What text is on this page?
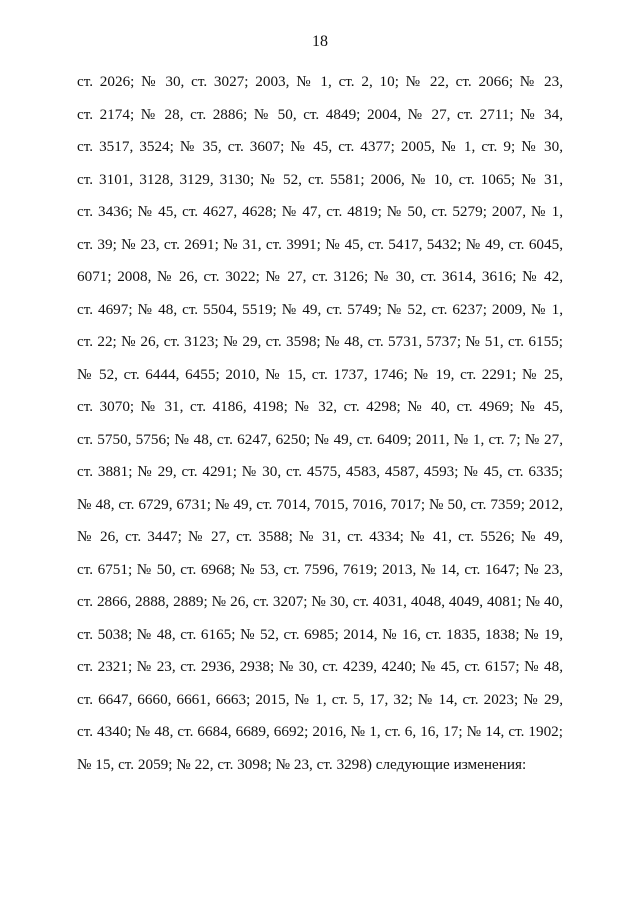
18
ст. 2026; № 30, ст. 3027; 2003, № 1, ст. 2, 10; № 22, ст. 2066; № 23,
ст. 2174; № 28, ст. 2886; № 50, ст. 4849; 2004, № 27, ст. 2711; № 34,
ст. 3517, 3524; № 35, ст. 3607; № 45, ст. 4377; 2005, № 1, ст. 9; № 30,
ст. 3101, 3128, 3129, 3130; № 52, ст. 5581; 2006, № 10, ст. 1065; № 31,
ст. 3436; № 45, ст. 4627, 4628; № 47, ст. 4819; № 50, ст. 5279; 2007, № 1,
ст. 39; № 23, ст. 2691; № 31, ст. 3991; № 45, ст. 5417, 5432; № 49, ст. 6045,
6071; 2008, № 26, ст. 3022; № 27, ст. 3126; № 30, ст. 3614, 3616; № 42,
ст. 4697; № 48, ст. 5504, 5519; № 49, ст. 5749; № 52, ст. 6237; 2009, № 1,
ст. 22; № 26, ст. 3123; № 29, ст. 3598; № 48, ст. 5731, 5737; № 51, ст. 6155;
№ 52, ст. 6444, 6455; 2010, № 15, ст. 1737, 1746; № 19, ст. 2291; № 25,
ст. 3070; № 31, ст. 4186, 4198; № 32, ст. 4298; № 40, ст. 4969; № 45,
ст. 5750, 5756; № 48, ст. 6247, 6250; № 49, ст. 6409; 2011, № 1, ст. 7; № 27,
ст. 3881; № 29, ст. 4291; № 30, ст. 4575, 4583, 4587, 4593; № 45, ст. 6335;
№ 48, ст. 6729, 6731; № 49, ст. 7014, 7015, 7016, 7017; № 50, ст. 7359; 2012,
№ 26, ст. 3447; № 27, ст. 3588; № 31, ст. 4334; № 41, ст. 5526; № 49,
ст. 6751; № 50, ст. 6968; № 53, ст. 7596, 7619; 2013, № 14, ст. 1647; № 23,
ст. 2866, 2888, 2889; № 26, ст. 3207; № 30, ст. 4031, 4048, 4049, 4081; № 40,
ст. 5038; № 48, ст. 6165; № 52, ст. 6985; 2014, № 16, ст. 1835, 1838; № 19,
ст. 2321; № 23, ст. 2936, 2938; № 30, ст. 4239, 4240; № 45, ст. 6157; № 48,
ст. 6647, 6660, 6661, 6663; 2015, № 1, ст. 5, 17, 32; № 14, ст. 2023; № 29,
ст. 4340; № 48, ст. 6684, 6689, 6692; 2016, № 1, ст. 6, 16, 17; № 14, ст. 1902;
№ 15, ст. 2059; № 22, ст. 3098; № 23, ст. 3298) следующие изменения:
